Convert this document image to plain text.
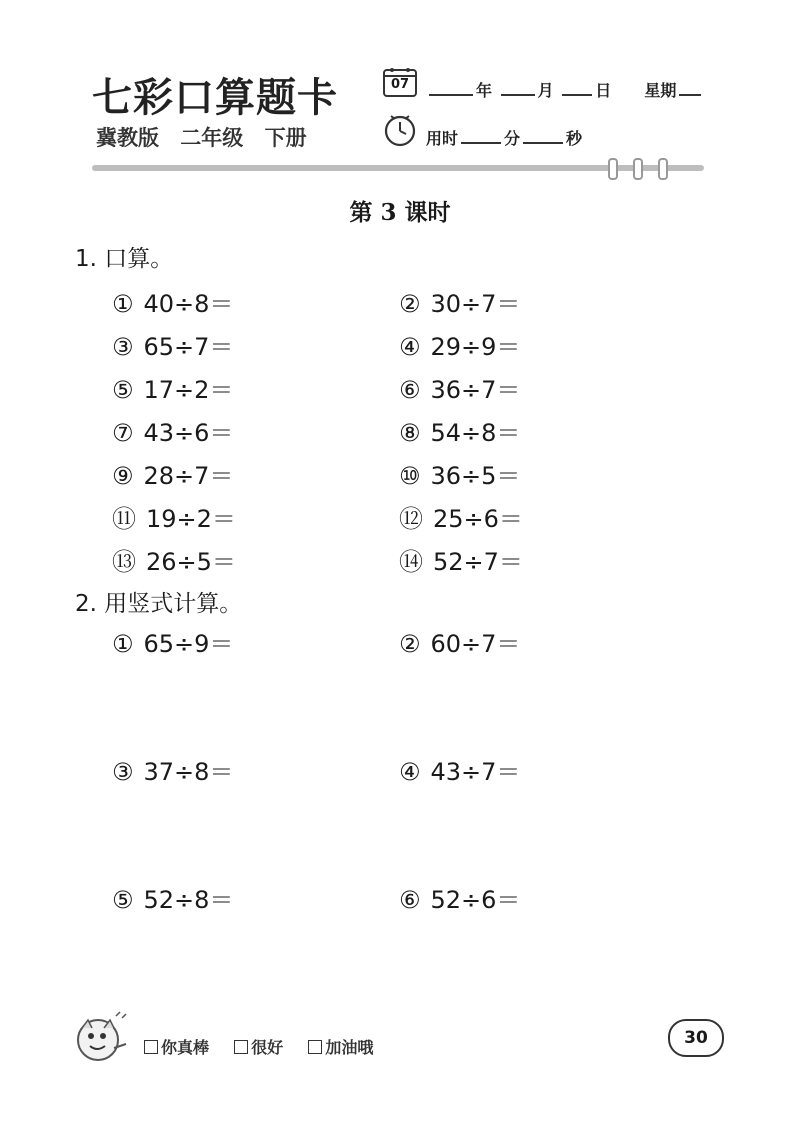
七彩口算题卡
冀教版 二年级 下册
07	年	月	日 星期
用时	分	秒
第 3 课时
1. 口算。
① 40÷8＝	② 30÷7＝
③ 65÷7＝	④ 29÷9＝
⑤ 17÷2＝	⑥ 36÷7＝
⑦ 43÷6＝	⑧ 54÷8＝
⑨ 28÷7＝	⑩ 36÷5＝
⑪ 19÷2＝	⑫ 25÷6＝
⑬ 26÷5＝	⑭ 52÷7＝
2. 用竖式计算。
① 65÷9＝	② 60÷7＝
③ 37÷8＝	④ 43÷7＝
⑤ 52÷8＝	⑥ 52÷6＝
你真棒	很好	加油哦	30
